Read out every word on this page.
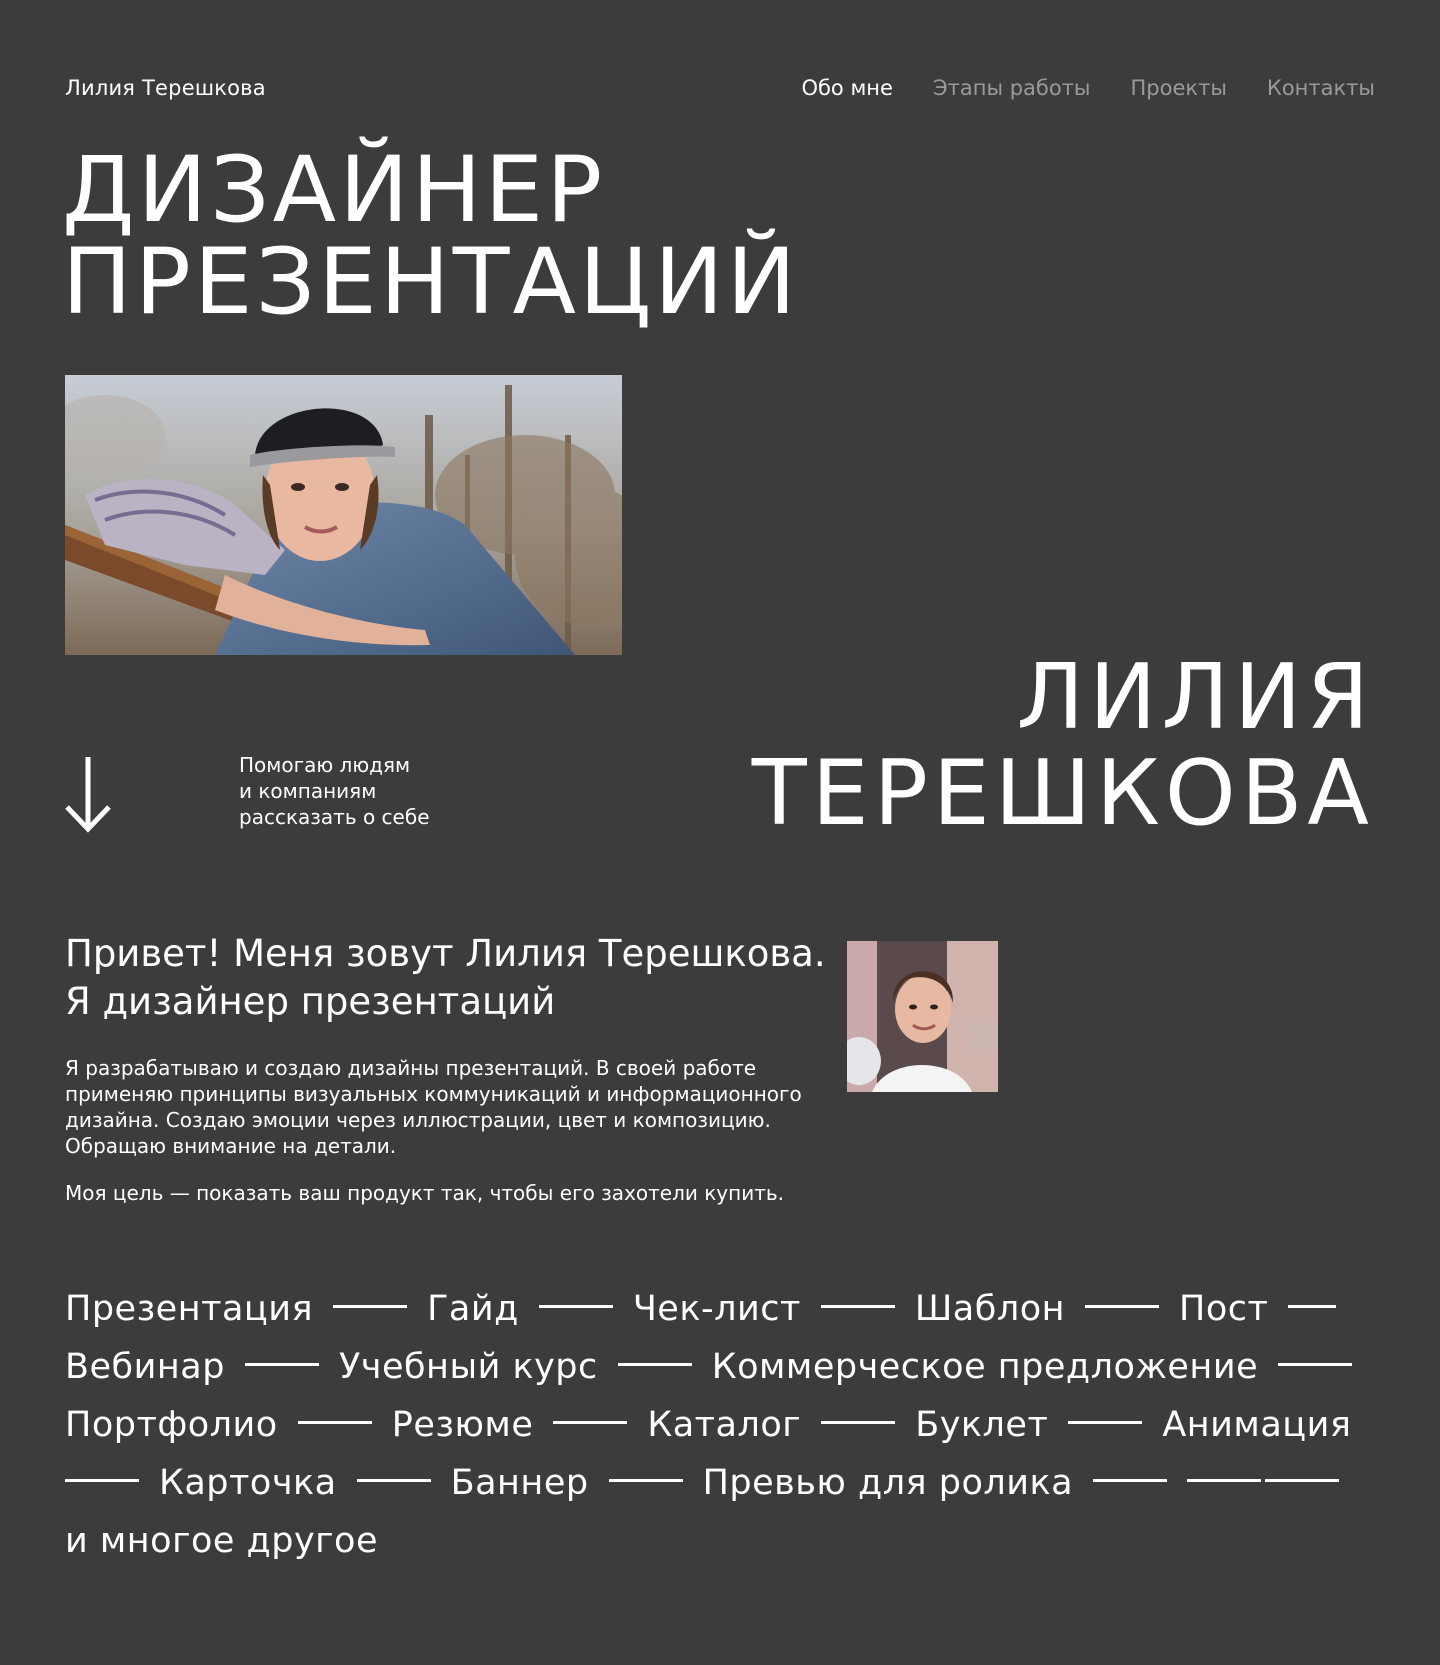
Лилия Терешкова	Обо мне Этапы работы Проекты Контакты
ДИЗАЙНЕР
ПРЕЗЕНТАЦИЙ
ЛИЛИЯ
ТЕРЕШКОВА
Помогаю людям
и компаниям
рассказать о себе
Привет! Меня зовут Лилия Терешкова.
Я дизайнер презентаций

Я разрабатываю и создаю дизайны презентаций. В своей работе применяю принципы визуальных коммуникаций и информационного дизайна. Создаю эмоции через иллюстрации, цвет и композицию. Обращаю внимание на детали.

Моя цель — показать ваш продукт так, чтобы его захотели купить.

Презентация	Гайд	Чек-лист	Шаблон	Пост
Вебинар	Учебный курс	Коммерческое предложение
Портфолио	Резюме	Каталог	Буклет	Анимация
Карточка	Баннер	Превью для ролика
и многое другое
